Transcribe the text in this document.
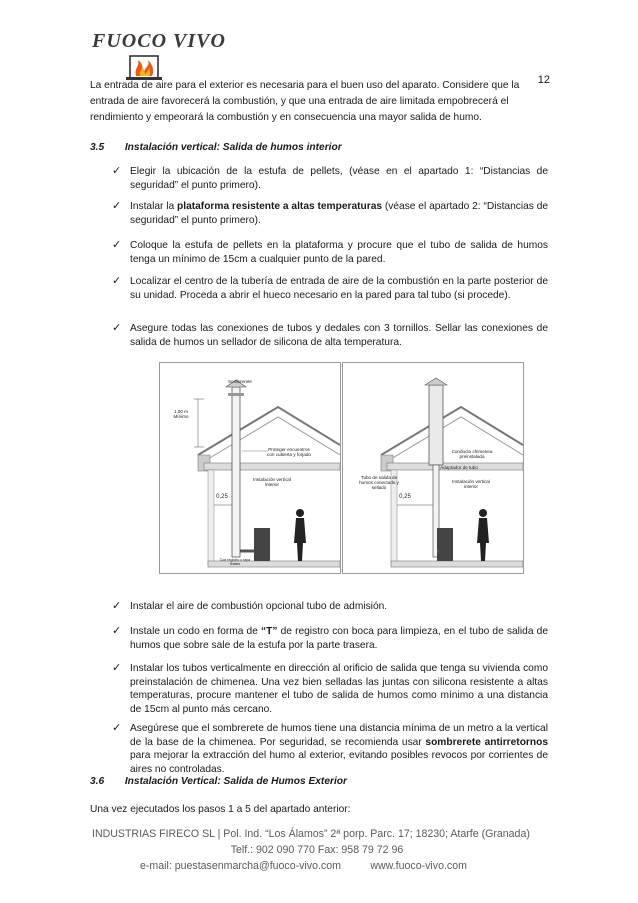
FUOCO VIVO
12
La entrada de aire para el exterior es necesaria para el buen uso del aparato. Considere que la
entrada de aire favorecerá la combustión, y que una entrada de aire limitada empobrecerá el
rendimiento y empeorará la combustión y en consecuencia una mayor salida de humo.
3.5 Instalación vertical: Salida de humos interior
✓ Elegir la ubicación de la estufa de pellets, (véase en el apartado 1: “Distancias de seguridad” el punto primero).
✓ Instalar la plataforma resistente a altas temperaturas (véase el apartado 2: “Distancias de seguridad” el punto primero).
✓ Coloque la estufa de pellets en la plataforma y procure que el tubo de salida de humos tenga un mínimo de 15cm a cualquier punto de la pared.
✓ Localizar el centro de la tubería de entrada de aire de la combustión en la parte posterior de su unidad. Proceda a abrir el hueco necesario en la pared para tal tubo (si procede).
✓ Asegure todas las conexiones de tubos y dedales con 3 tornillos. Sellar las conexiones de salida de humos un sellador de silicona de alta temperatura.
Sombrerete
1,00 m Mínimo
Proteger encuentros con cubierta y forjado
Instalación vertical interior
0,25
Con registro o tapa finales
Conducto chimenea preinstalada
Adaptador de tubo
Tubo de salida de humos conectado y sellado
Instalación vertical interior
0,25
✓ Instalar el aire de combustión opcional tubo de admisión.
✓ Instale un codo en forma de “T” de registro con boca para limpieza, en el tubo de salida de humos que sobre sale de la estufa por la parte trasera.
✓ Instalar los tubos verticalmente en dirección al orificio de salida que tenga su vivienda como preinstalación de chimenea. Una vez bien selladas las juntas con silicona resistente a altas temperaturas, procure mantener el tubo de salida de humos como mínimo a una distancia de 15cm al punto más cercano.
✓ Asegúrese que el sombrerete de humos tiene una distancia mínima de un metro a la vertical de la base de la chimenea. Por seguridad, se recomienda usar sombrerete antirretornos para mejorar la extracción del humo al exterior, evitando posibles revocos por corrientes de aires no controladas.
3.6 Instalación Vertical: Salida de Humos Exterior
Una vez ejecutados los pasos 1 a 5 del apartado anterior:
INDUSTRIAS FIRECO SL | Pol. Ind. “Los Álamos” 2ª porp. Parc. 17; 18230; Atarfe (Granada)
Telf.: 902 090 770 Fax: 958 79 72 96
e-mail: puestasenmarcha@fuoco-vivo.com          www.fuoco-vivo.com
